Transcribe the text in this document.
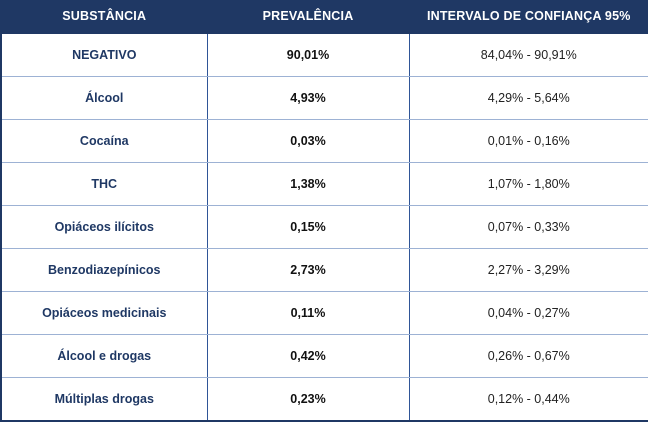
SUBSTÂNCIA	PREVALÊNCIA	INTERVALO DE CONFIANÇA 95%
NEGATIVO	90,01%	84,04% - 90,91%
Álcool	4,93%	4,29% - 5,64%
Cocaína	0,03%	0,01% - 0,16%
THC	1,38%	1,07% - 1,80%
Opiáceos ilícitos	0,15%	0,07% - 0,33%
Benzodiazepínicos	2,73%	2,27% - 3,29%
Opiáceos medicinais	0,11%	0,04% - 0,27%
Álcool e drogas	0,42%	0,26% - 0,67%
Múltiplas drogas	0,23%	0,12% - 0,44%
